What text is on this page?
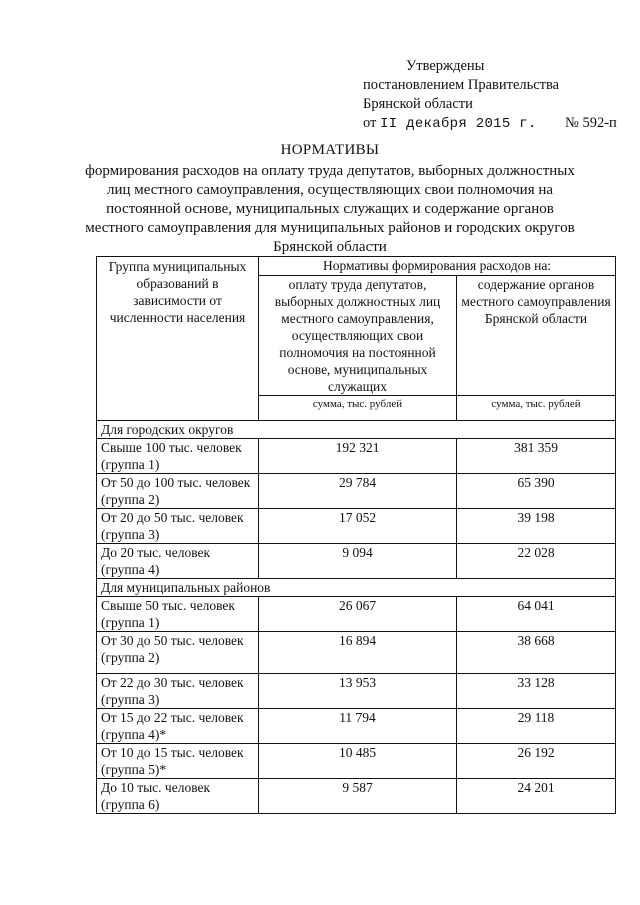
Утверждены
постановлением Правительства
Брянской области
от II декабря 2015 г. № 592-п
НОРМАТИВЫ
формирования расходов на оплату труда депутатов, выборных должностных
лиц местного самоуправления, осуществляющих свои полномочия на
постоянной основе, муниципальных служащих и содержание органов
местного самоуправления для муниципальных районов и городских округов
Брянской области
Группа муниципальных образований в зависимости от численности населения	Нормативы формирования расходов на:	
	оплату труда депутатов, выборных должностных лиц местного самоуправления, осуществляющих свои полномочия на постоянной основе, муниципальных служащих	содержание органов местного самоуправления Брянской области
	сумма, тыс. рублей	сумма, тыс. рублей
Для городских округов		
Свыше 100 тыс. человек (группа 1)	192 321	381 359
От 50 до 100 тыс. человек (группа 2)	29 784	65 390
От 20 до 50 тыс. человек (группа 3)	17 052	39 198
До 20 тыс. человек (группа 4)	9 094	22 028
Для муниципальных районов		
Свыше 50 тыс. человек (группа 1)	26 067	64 041
От 30 до 50 тыс. человек (группа 2)	16 894	38 668
От 22 до 30 тыс. человек (группа 3)	13 953	33 128
От 15 до 22 тыс. человек (группа 4)*	11 794	29 118
От 10 до 15 тыс. человек (группа 5)*	10 485	26 192
До 10 тыс. человек (группа 6)	9 587	24 201
